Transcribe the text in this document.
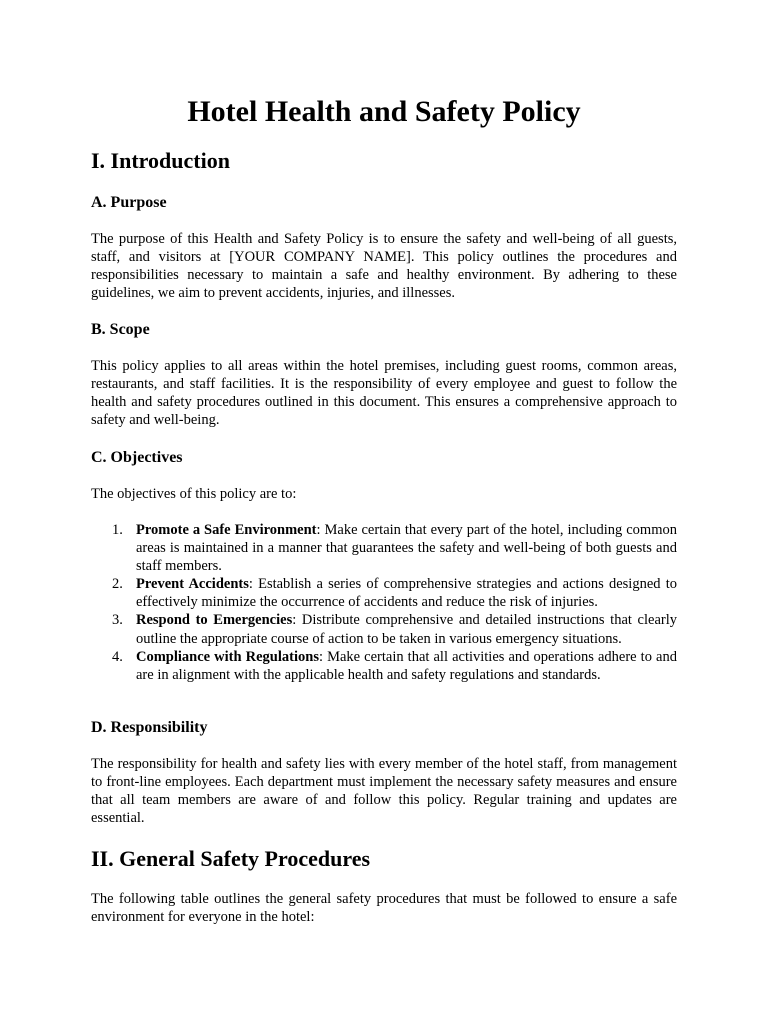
Hotel Health and Safety Policy
I. Introduction
A. Purpose

The purpose of this Health and Safety Policy is to ensure the safety and well-being of all guests, staff, and visitors at [YOUR COMPANY NAME]. This policy outlines the procedures and responsibilities necessary to maintain a safe and healthy environment. By adhering to these guidelines, we aim to prevent accidents, injuries, and illnesses.

B. Scope

This policy applies to all areas within the hotel premises, including guest rooms, common areas, restaurants, and staff facilities. It is the responsibility of every employee and guest to follow the health and safety procedures outlined in this document. This ensures a comprehensive approach to safety and well-being.

C. Objectives

The objectives of this policy are to:

1. Promote a Safe Environment: Make certain that every part of the hotel, including common areas is maintained in a manner that guarantees the safety and well-being of both guests and staff members.
2. Prevent Accidents: Establish a series of comprehensive strategies and actions designed to effectively minimize the occurrence of accidents and reduce the risk of injuries.
3. Respond to Emergencies: Distribute comprehensive and detailed instructions that clearly outline the appropriate course of action to be taken in various emergency situations.
4. Compliance with Regulations: Make certain that all activities and operations adhere to and are in alignment with the applicable health and safety regulations and standards.
D. Responsibility

The responsibility for health and safety lies with every member of the hotel staff, from management to front-line employees. Each department must implement the necessary safety measures and ensure that all team members are aware of and follow this policy. Regular training and updates are essential.

II. General Safety Procedures

The following table outlines the general safety procedures that must be followed to ensure a safe environment for everyone in the hotel:
